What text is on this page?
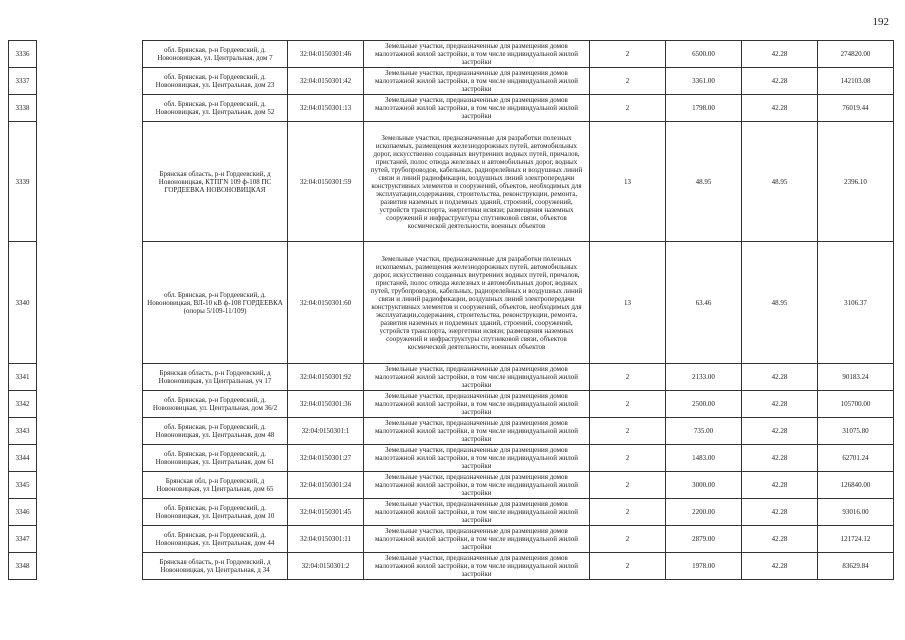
192
3336		обл. Брянская, р-н Гордеевский, д. Новоновицкая, ул. Центральная, дом 7	32:04:0150301:46	Земельные участки, предназначенные для размещения домов малоэтажной жилой застройки, в том числе индивидуальной жилой застройки	2	6500.00	42.28	274820.00
3337		обл. Брянская, р-н Гордеевский, д. Новоновицкая, ул. Центральная, дом 23	32:04:0150301:42	Земельные участки, предназначенные для размещения домов малоэтажной жилой застройки, в том числе индивидуальной жилой застройки	2	3361.00	42.28	142103.08
3338		обл. Брянская, р-н Гордеевский, д. Новоновицкая, ул. Центральная, дом 52	32:04:0150301:13	Земельные участки, предназначенные для размещения домов малоэтажной жилой застройки, в том числе индивидуальной жилой застройки	2	1798.00	42.28	76019.44
3339		Брянская область, р-н Гордеевский, д Новоновицкая, КТПГN 109 ф-108 ПС ГОРДЕЕВКА НОВОНОВИЦКАЯ	32:04:0150301:59	Земельные участки, предназначенные для разработки полезных ископаемых, размещения железнодорожных путей, автомобильных дорог, искусственно созданных внутренних водных путей, причалов, пристаней, полос отвода железных и автомобильных дорог, водных путей, трубопроводов, кабельных, радиорелейных и воздушных линий связи и линий радиофикации, воздушных линий электропередачи конструктивных элементов и сооружений, объектов, необходимых для эксплуатации,содержания, строительства, реконструкции, ремонта, развития наземных и подземных зданий, строений, сооружений, устройств транспорта, энергетики исвязи; размещения наземных сооружений и инфраструктуры спутниковой связи, объектов космической деятельности, военных объектов	13	48.95	48.95	2396.10
3340		обл. Брянская, р-н Гордеевский, д. Новоновицкая, ВЛ-10 кВ ф-108 ГОРДЕЕВКА (опоры 5/109-11/109)	32:04:0150301:60	Земельные участки, предназначенные для разработки полезных ископаемых, размещения железнодорожных путей, автомобильных дорог, искусственно созданных внутренних водных путей, причалов, пристаней, полос отвода железных и автомобильных дорог, водных путей, трубопроводов, кабельных, радиорелейных и воздушных линий связи и линий радиофикации, воздушных линий электропередачи конструктивных элементов и сооружений, объектов, необходимых для эксплуатации,содержания, строительства, реконструкции, ремонта, развития наземных и подземных зданий, строений, сооружений, устройств транспорта, энергетики исвязи; размещения наземных сооружений и инфраструктуры спутниковой связи, объектов космической деятельности, военных объектов	13	63.46	48.95	3106.37
3341		Брянская область, р-н Гордеевский, д Новоновицкая, ул Центральная, уч 17	32:04:0150301:92	Земельные участки, предназначенные для размещения домов малоэтажной жилой застройки, в том числе индивидуальной жилой застройки	2	2133.00	42.28	90183.24
3342		обл. Брянская, р-н Гордеевский, д. Новоновицкая, ул. Центральная, дом 36/2	32:04:0150301:36	Земельные участки, предназначенные для размещения домов малоэтажной жилой застройки, в том числе индивидуальной жилой застройки	2	2500.00	42.28	105700.00
3343		обл. Брянская, р-н Гордеевский, д. Новоновицкая, ул. Центральная, дом 48	32:04:0150301:1	Земельные участки, предназначенные для размещения домов малоэтажной жилой застройки, в том числе индивидуальной жилой застройки	2	735.00	42.28	31075.80
3344		обл. Брянская, р-н Гордеевский, д. Новоновицкая, ул. Центральная, дом 61	32:04:0150301:27	Земельные участки, предназначенные для размещения домов малоэтажной жилой застройки, в том числе индивидуальной жилой застройки	2	1483.00	42.28	62701.24
3345		Брянская обл, р-н Гордеевский, д Новоновицкая, ул Центральная, дом 65	32:04:0150301:24	Земельные участки, предназначенные для размещения домов малоэтажной жилой застройки, в том числе индивидуальной жилой застройки	2	3000.00	42.28	126840.00
3346		обл. Брянская, р-н Гордеевский, д. Новоновицкая, ул. Центральная, дом 10	32:04:0150301:45	Земельные участки, предназначенные для размещения домов малоэтажной жилой застройки, в том числе индивидуальной жилой застройки	2	2200.00	42.28	93016.00
3347		обл. Брянская, р-н Гордеевский, д. Новоновицкая, ул. Центральная, дом 44	32:04:0150301:11	Земельные участки, предназначенные для размещения домов малоэтажной жилой застройки, в том числе индивидуальной жилой застройки	2	2879.00	42.28	121724.12
3348		Брянская область, р-н Гордеевский, д Новоновицкая, ул Центральная, д 34	32:04:0150301:2	Земельные участки, предназначенные для размещения домов малоэтажной жилой застройки, в том числе индивидуальной жилой застройки	2	1978.00	42.28	83629.84
